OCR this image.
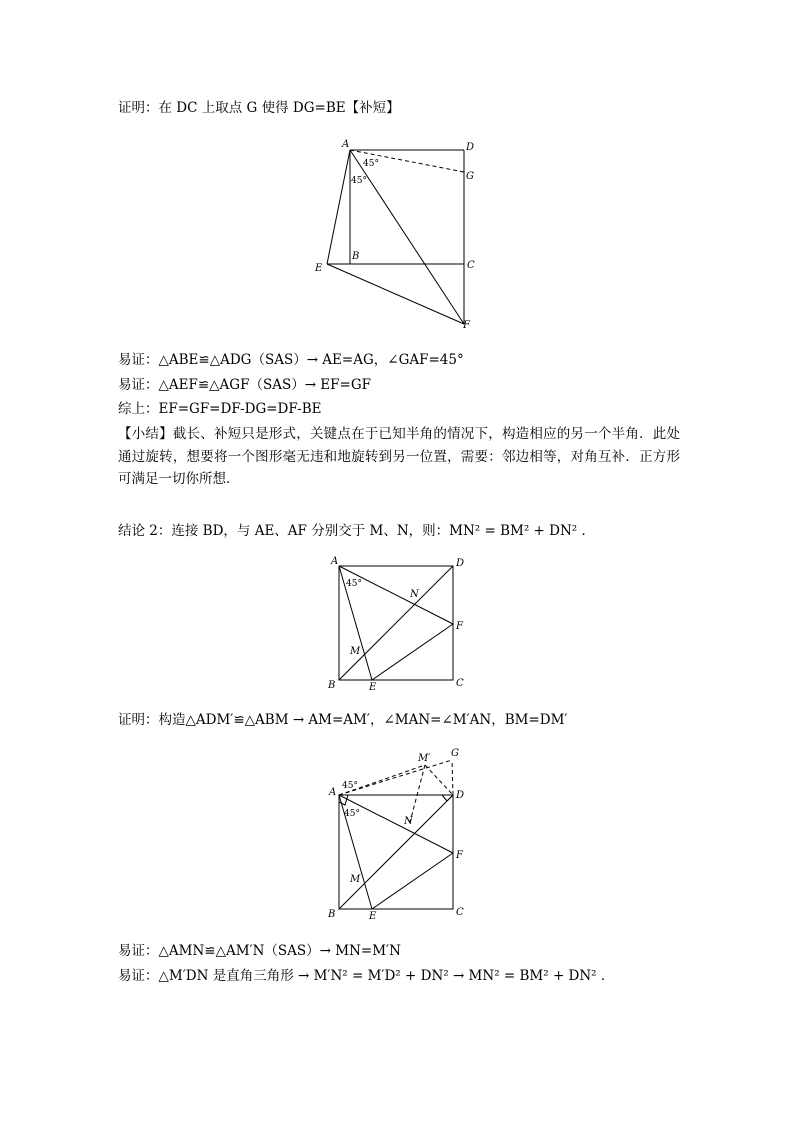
证明：在 DC 上取点 G 使得 DG=BE【补短】

A	D
G
B
E	C
F
45°
45°

易证：△ABE≌△ADG（SAS）→ AE=AG，∠GAF=45°

易证：△AEF≌△AGF（SAS）→ EF=GF

综上：EF=GF=DF-DG=DF-BE

【小结】截长、补短只是形式，关键点在于已知半角的情况下，构造相应的另一个半角．此处通过旋转，想要将一个图形毫无违和地旋转到另一位置，需要：邻边相等，对角互补．正方形可满足一切你所想．

结论 2：连接 BD，与 AE、AF 分别交于 M、N，则：MN² = BM² + DN² ．

A	D
N
F
M
B	E	C
45°

证明：构造△ADM′≌△ABM → AM=AM′，∠MAN=∠M′AN，BM=DM′

M′ G
A	D
N
F
M
B	E	C
45°
45°

易证：△AMN≌△AM′N（SAS）→ MN=M′N

易证：△M′DN 是直角三角形 → M′N² = M′D² + DN² → MN² = BM² + DN² ．
